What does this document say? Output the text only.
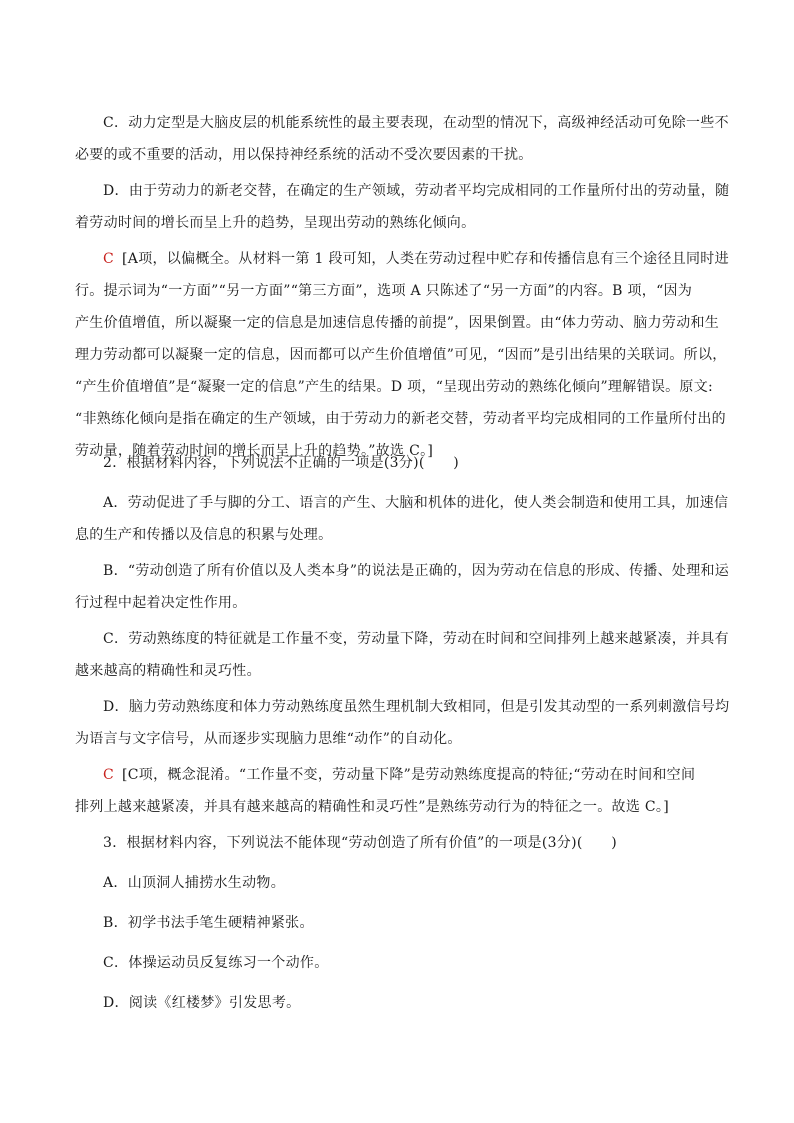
C．动力定型是大脑皮层的机能系统性的最主要表现，在动型的情况下，高级神经活动可免除一些不
必要的或不重要的活动，用以保持神经系统的活动不受次要因素的干扰。
D．由于劳动力的新老交替，在确定的生产领域，劳动者平均完成相同的工作量所付出的劳动量，随
着劳动时间的增长而呈上升的趋势，呈现出劳动的熟练化倾向。
C [A项，以偏概全。从材料一第 1 段可知，人类在劳动过程中贮存和传播信息有三个途径且同时进
行。提示词为“一方面”“另一方面”“第三方面”，选项 A 只陈述了“另一方面”的内容。B 项，“因为
产生价值增值，所以凝聚一定的信息是加速信息传播的前提”，因果倒置。由“体力劳动、脑力劳动和生
理力劳动都可以凝聚一定的信息，因而都可以产生价值增值”可见，“因而”是引出结果的关联词。所以，
“产生价值增值”是“凝聚一定的信息”产生的结果。D 项，“呈现出劳动的熟练化倾向”理解错误。原文:
“非熟练化倾向是指在确定的生产领域，由于劳动力的新老交替，劳动者平均完成相同的工作量所付出的
劳动量，随着劳动时间的增长而呈上升的趋势。”故选 C。]
2．根据材料内容，下列说法不正确的一项是(3分)(　　)
A．劳动促进了手与脚的分工、语言的产生、大脑和机体的进化，使人类会制造和使用工具，加速信
息的生产和传播以及信息的积累与处理。
B．“劳动创造了所有价值以及人类本身”的说法是正确的，因为劳动在信息的形成、传播、处理和运
行过程中起着决定性作用。
C．劳动熟练度的特征就是工作量不变，劳动量下降，劳动在时间和空间排列上越来越紧凑，并具有
越来越高的精确性和灵巧性。
D．脑力劳动熟练度和体力劳动熟练度虽然生理机制大致相同，但是引发其动型的一系列刺激信号均
为语言与文字信号，从而逐步实现脑力思维“动作”的自动化。
C [C项，概念混淆。“工作量不变，劳动量下降”是劳动熟练度提高的特征;“劳动在时间和空间
排列上越来越紧凑，并具有越来越高的精确性和灵巧性”是熟练劳动行为的特征之一。故选 C。]
3．根据材料内容，下列说法不能体现“劳动创造了所有价值”的一项是(3分)(　　)
A．山顶洞人捕捞水生动物。
B．初学书法手笔生硬精神紧张。
C．体操运动员反复练习一个动作。
D．阅读《红楼梦》引发思考。
